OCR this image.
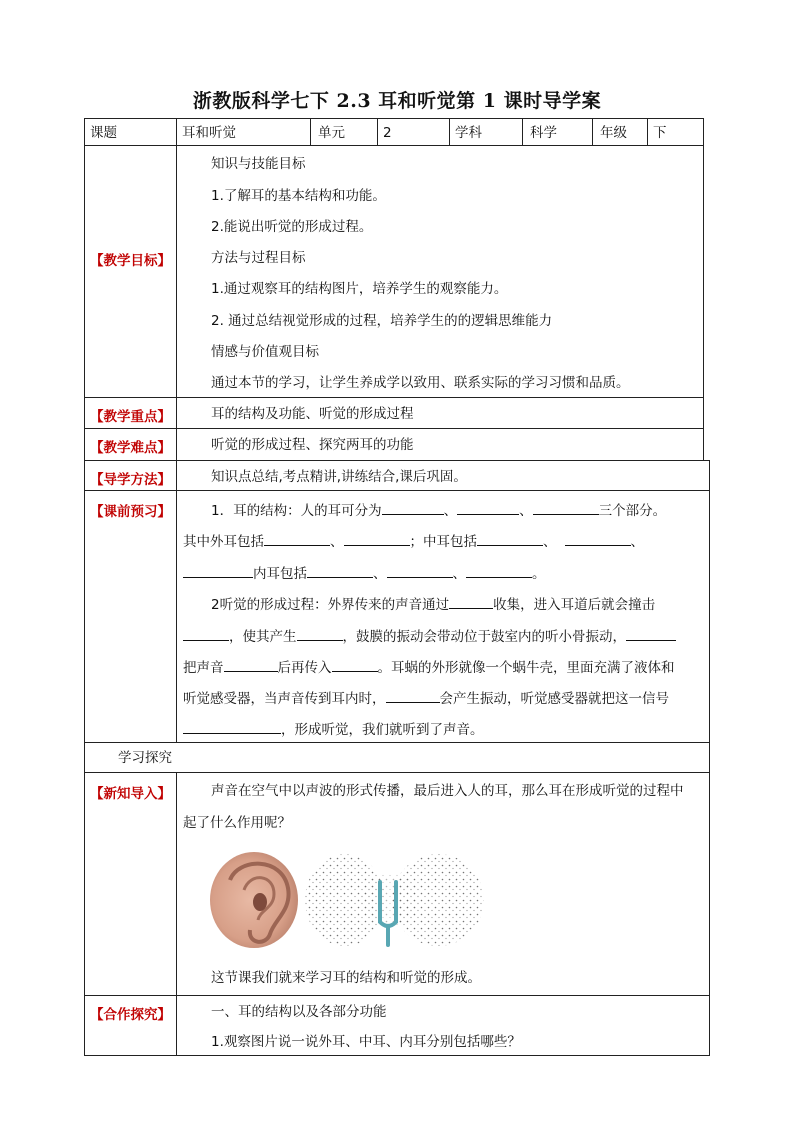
浙教版科学七下 2.3 耳和听觉第 1 课时导学案
课题	耳和听觉	单元	2	学科	科学	年级 下
【教学目标】
知识与技能目标
1.了解耳的基本结构和功能。
2.能说出听觉的形成过程。
方法与过程目标
1.通过观察耳的结构图片，培养学生的观察能力。
2. 通过总结视觉形成的过程，培养学生的的逻辑思维能力
情感与价值观目标
通过本节的学习，让学生养成学以致用、联系实际的学习习惯和品质。
【教学重点】	耳的结构及功能、听觉的形成过程
【教学难点】	听觉的形成过程、探究两耳的功能
【导学方法】	知识点总结,考点精讲,讲练结合,课后巩固。
【课前预习】	1．耳的结构：人的耳可分为	、	、	三个部分。
其中外耳包括	、	；中耳包括	、	、
内耳包括	、	、	。
2听觉的形成过程：外界传来的声音通过	收集，进入耳道后就会撞击
，使其产生	，鼓膜的振动会带动位于鼓室内的听小骨振动，
把声音	后再传入	。耳蜗的外形就像一个蜗牛壳，里面充满了液体和
听觉感受器，当声音传到耳内时，	会产生振动，听觉感受器就把这一信号
，形成听觉，我们就听到了声音。
学习探究
【新知导入】	声音在空气中以声波的形式传播，最后进入人的耳，那么耳在形成听觉的过程中
起了什么作用呢？
这节课我们就来学习耳的结构和听觉的形成。
【合作探究】	一、耳的结构以及各部分功能
1.观察图片说一说外耳、中耳、内耳分别包括哪些？
